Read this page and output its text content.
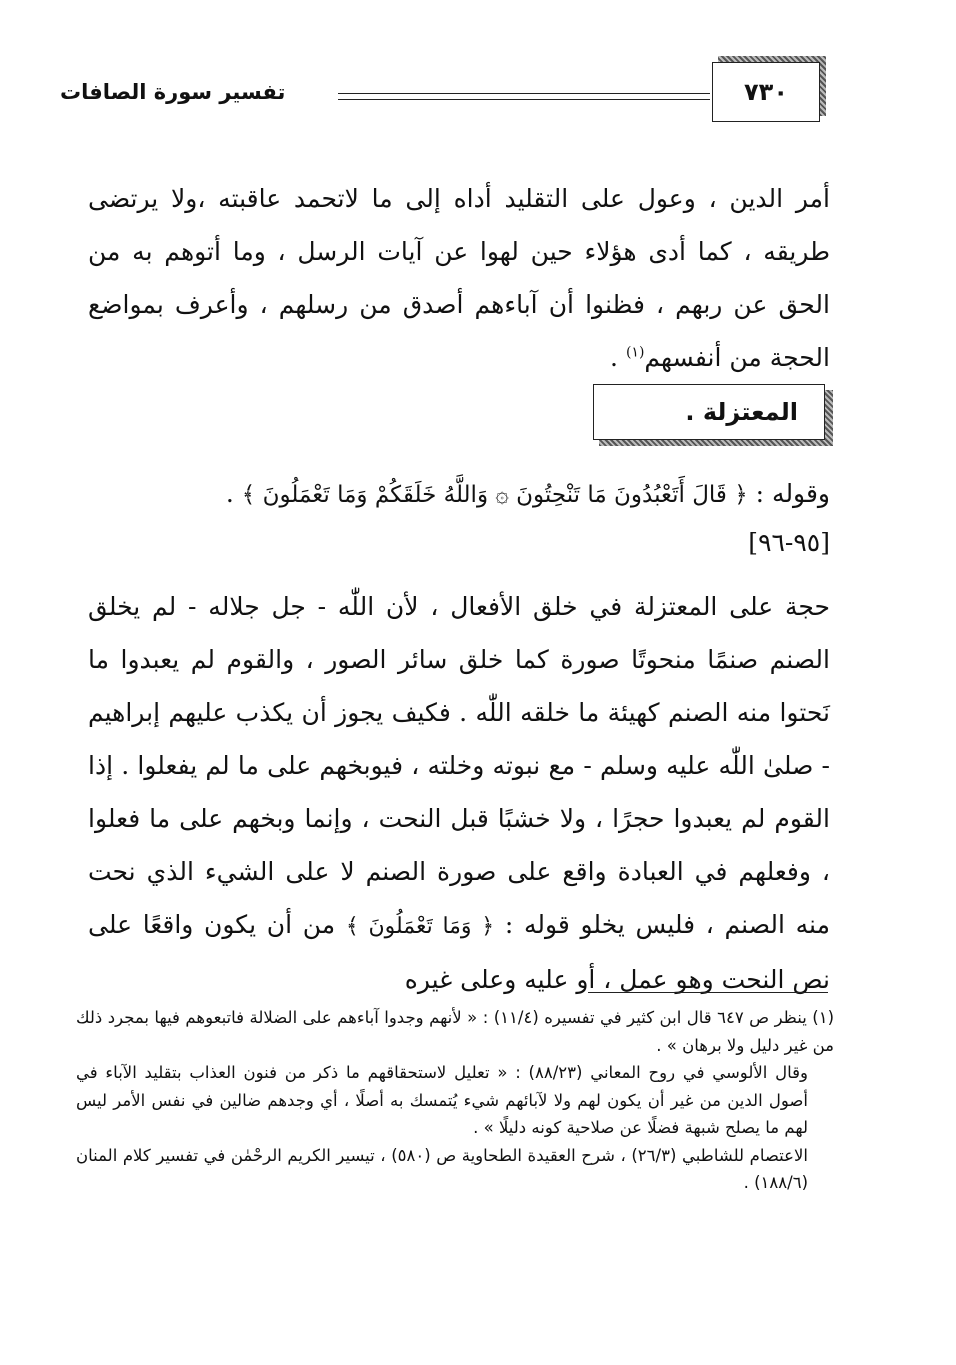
٧٣٠
تفسير سورة الصافات
أمر الدين ، وعول على التقليد أداه إلى ما لاتحمد عاقبته ،ولا يرتضى طريقه ، كما أدى هؤلاء حين لهوا عن آيات الرسل ، وما أتوهم به من الحق عن ربهم ، فظنوا أن آباءهم أصدق من رسلهم ، وأعرف بمواضع الحجة من أنفسهم$^{(١)}$ .
المعتزلة .
وقوله : ﴿ قَالَ أَتَعْبُدُونَ مَا تَنْحِتُونَ ۞ وَاللَّهُ خَلَقَكُمْ وَمَا تَعْمَلُونَ ﴾ .
[٩٥-٩٦]
حجة على المعتزلة في خلق الأفعال ، لأن اللّٰه - جل جلاله - لم يخلق الصنم صنمًا منحوتًا صورة كما خلق سائر الصور ، والقوم لم يعبدوا ما نَحتوا منه الصنم كهيئة ما خلقه اللّٰه . فكيف يجوز أن يكذب عليهم إبراهيم - صلىٰ اللّٰه عليه وسلم - مع نبوته وخلته ، فيوبخهم على ما لم يفعلوا . إذا القوم لم يعبدوا حجرًا ، ولا خشبًا قبل النحت ، وإنما وبخهم على ما فعلوا ، وفعلهم في العبادة واقع على صورة الصنم لا على الشيء الذي نحت منه الصنم ، فليس يخلو قوله : ﴿ وَمَا تَعْمَلُونَ ﴾ من أن يكون واقعًا على نص النحت وهو عمل ، أو عليه وعلى غيره

(١) ينظر ص ٦٤٧ قال ابن كثير في تفسيره (١١/٤) : « لأنهم وجدوا آباءهم على الضلالة فاتبعوهم فيها بمجرد ذلك من غير دليل ولا برهان » .

وقال الألوسي في روح المعاني (٨٨/٢٣) : « تعليل لاستحقاقهم ما ذكر من فنون العذاب بتقليد الآباء في أصول الدين من غير أن يكون لهم ولا لآبائهم شيء يُتمسك به أصلًا ، أي وجدهم ضالين في نفس الأمر ليس لهم ما يصلح شبهة فضلًا عن صلاحية كونه دليلًا » .

الاعتصام للشاطبي (٢٦/٣) ، شرح العقيدة الطحاوية ص (٥٨٠) ، تيسير الكريم الرحْمٰن في تفسير كلام المنان (١٨٨/٦) .
